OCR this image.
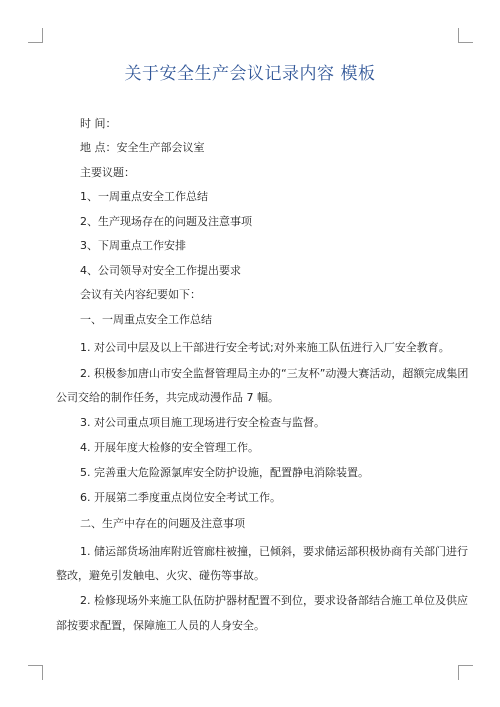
关于安全生产会议记录内容 模板
时 间：
地 点：安全生产部会议室
主要议题：
1、一周重点安全工作总结
2、生产现场存在的问题及注意事项
3、下周重点工作安排
4、公司领导对安全工作提出要求
会议有关内容纪要如下：
一、一周重点安全工作总结
1. 对公司中层及以上干部进行安全考试;对外来施工队伍进行入厂安全教育。
2. 积极参加唐山市安全监督管理局主办的“三友杯”动漫大赛活动，超额完成集团
公司交给的制作任务，共完成动漫作品 7 幅。
3. 对公司重点项目施工现场进行安全检查与监督。
4. 开展年度大检修的安全管理工作。
5. 完善重大危险源氯库安全防护设施，配置静电消除装置。
6. 开展第二季度重点岗位安全考试工作。
二、生产中存在的问题及注意事项
1. 储运部货场油库附近管廊柱被撞，已倾斜，要求储运部积极协商有关部门进行
整改，避免引发触电、火灾、碰伤等事故。
2. 检修现场外来施工队伍防护器材配置不到位，要求设备部结合施工单位及供应
部按要求配置，保障施工人员的人身安全。
